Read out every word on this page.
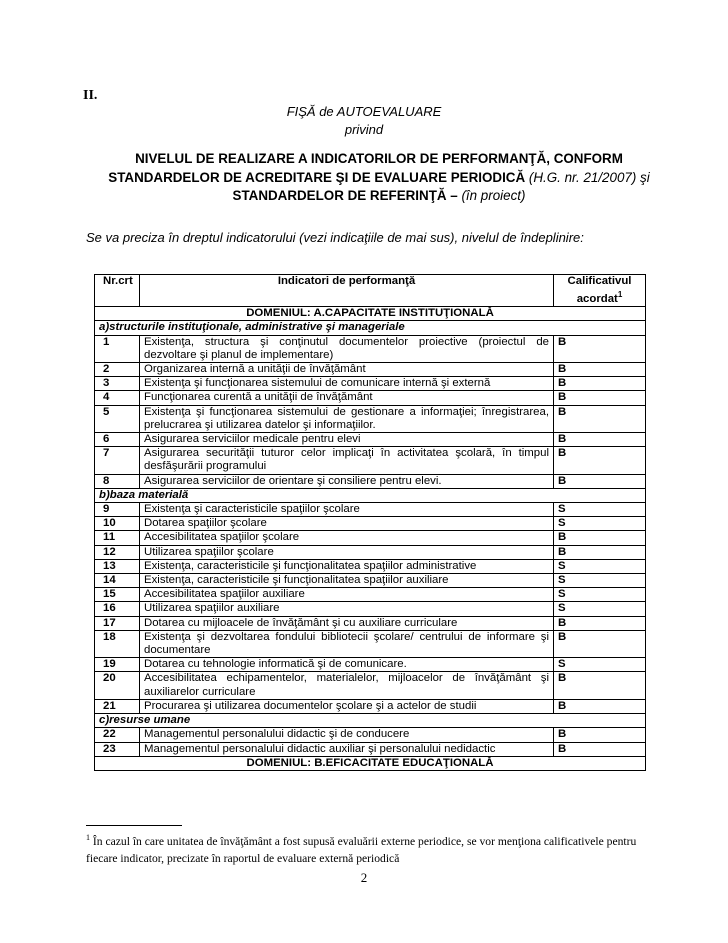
II.
FIŞĂ de AUTOEVALUARE
privind
NIVELUL DE REALIZARE A INDICATORILOR DE PERFORMANŢĂ, CONFORM
STANDARDELOR DE ACREDITARE ŞI DE EVALUARE PERIODICĂ (H.G. nr. 21/2007) şi
STANDARDELOR DE REFERINŢĂ – (în proiect)
Se va preciza în dreptul indicatorului (vezi indicaţiile de mai sus), nivelul de îndeplinire:
Nr.crt	Indicatori de performanţă	Calificativul acordat$^1$
DOMENIUL: A.CAPACITATE INSTITUŢIONALĂ		
a)structurile instituţionale, administrative şi manageriale		
1	Existenţa, structura şi conţinutul documentelor proiective (proiectul de dezvoltare şi planul de implementare)	B
2	Organizarea internă a unităţii de învăţământ	B
3	Existenţa şi funcţionarea sistemului de comunicare internă şi externă	B
4	Funcţionarea curentă a unităţii de învăţământ	B
5	Existenţa şi funcţionarea sistemului de gestionare a informaţiei; înregistrarea, prelucrarea şi utilizarea datelor şi informaţiilor.	B
6	Asigurarea serviciilor medicale pentru elevi	B
7	Asigurarea securităţii tuturor celor implicaţi în activitatea şcolară, în timpul desfăşurării programului	B
8	Asigurarea serviciilor de orientare şi consiliere pentru elevi.	B
b)baza materială		
9	Existenţa şi caracteristicile spaţiilor şcolare	S
10	Dotarea spaţiilor şcolare	S
11	Accesibilitatea spaţiilor şcolare	B
12	Utilizarea spaţiilor şcolare	B
13	Existenţa, caracteristicile şi funcţionalitatea spaţiilor administrative	S
14	Existenţa, caracteristicile şi funcţionalitatea spaţiilor auxiliare	S
15	Accesibilitatea spaţiilor auxiliare	S
16	Utilizarea spaţiilor auxiliare	S
17	Dotarea cu mijloacele de învăţământ şi cu auxiliare curriculare	B
18	Existenţa şi dezvoltarea fondului bibliotecii şcolare/ centrului de informare şi documentare	B
19	Dotarea cu tehnologie informatică şi de comunicare.	S
20	Accesibilitatea echipamentelor, materialelor, mijloacelor de învăţământ şi auxiliarelor curriculare	B
21	Procurarea şi utilizarea documentelor şcolare şi a actelor de studii	B
c)resurse umane		
22	Managementul personalului didactic şi de conducere	B
23	Managementul personalului didactic auxiliar şi personalului nedidactic	B
DOMENIUL: B.EFICACITATE EDUCAŢIONALĂ		
$^1$ În cazul în care unitatea de învăţământ a fost supusă evaluării externe periodice, se vor menţiona calificativele pentru fiecare indicator, precizate în raportul de evaluare externă periodică
2
